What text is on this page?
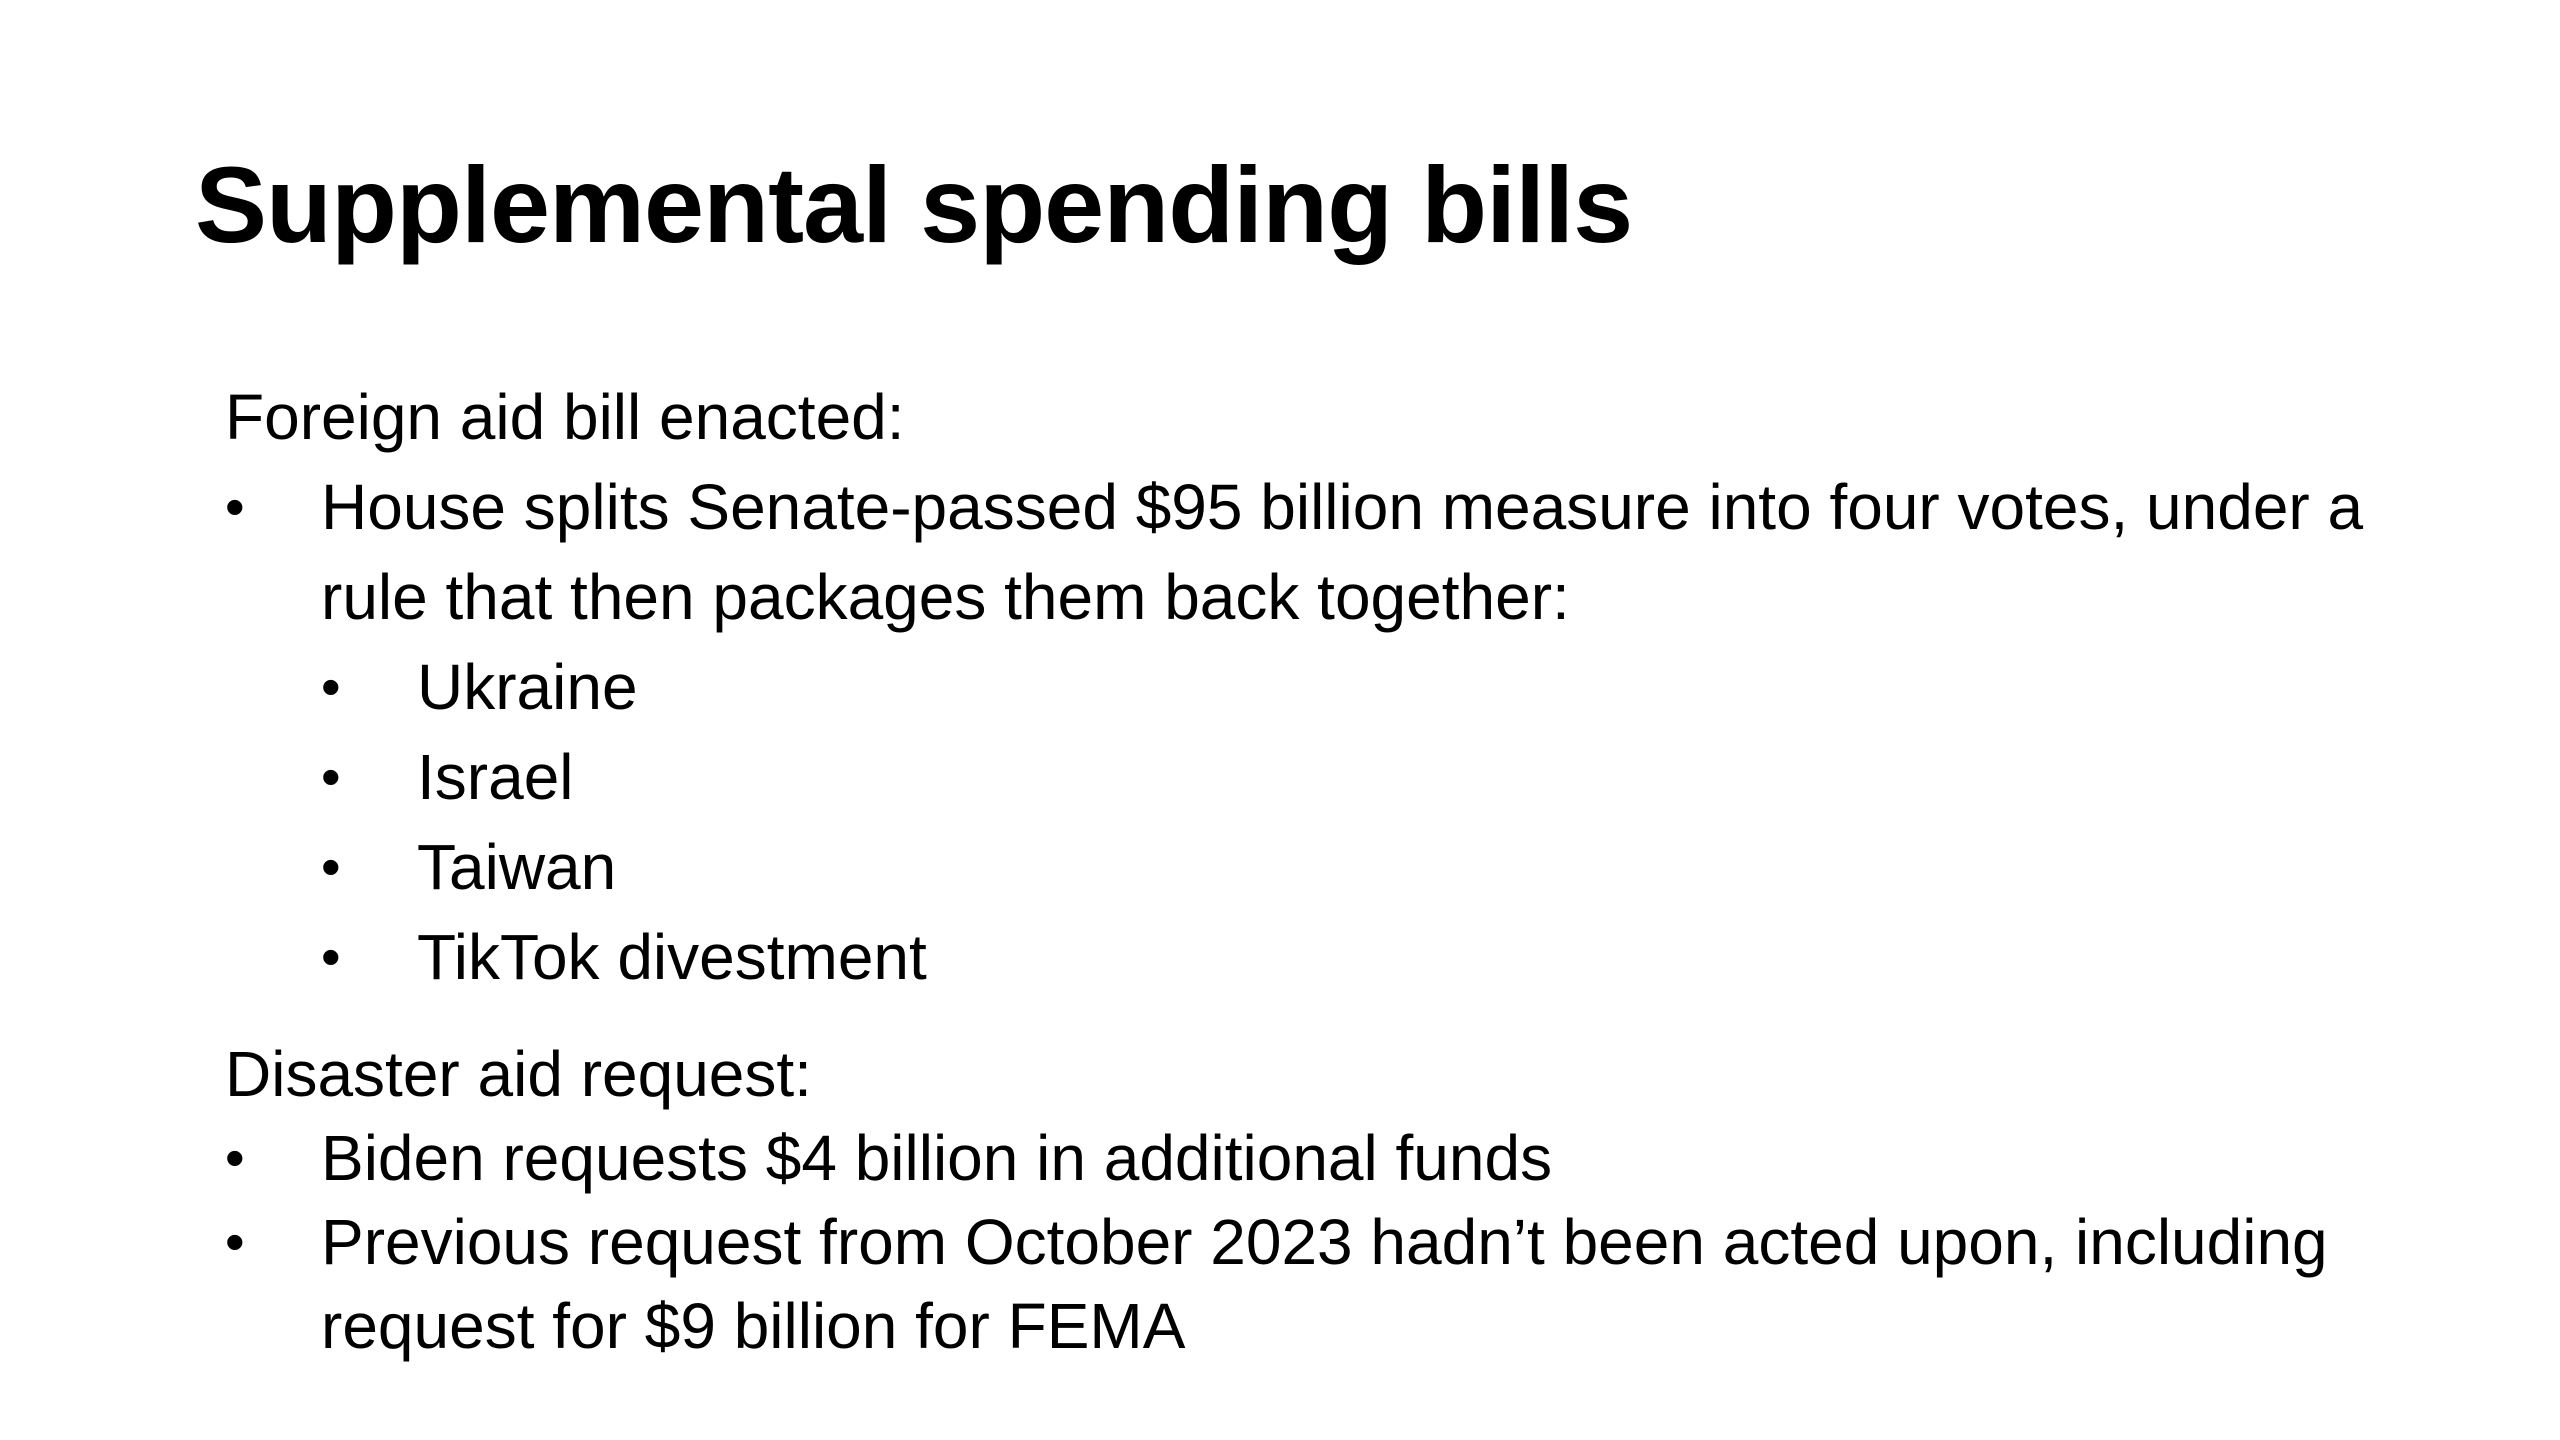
Supplemental spending bills

Foreign aid bill enacted:

• House splits Senate-passed $95 billion measure into four votes, under a rule that then packages them back together:
• Ukraine
• Israel
• Taiwan
• TikTok divestment

Disaster aid request:

• Biden requests $4 billion in additional funds
• Previous request from October 2023 hadn’t been acted upon, including request for $9 billion for FEMA
